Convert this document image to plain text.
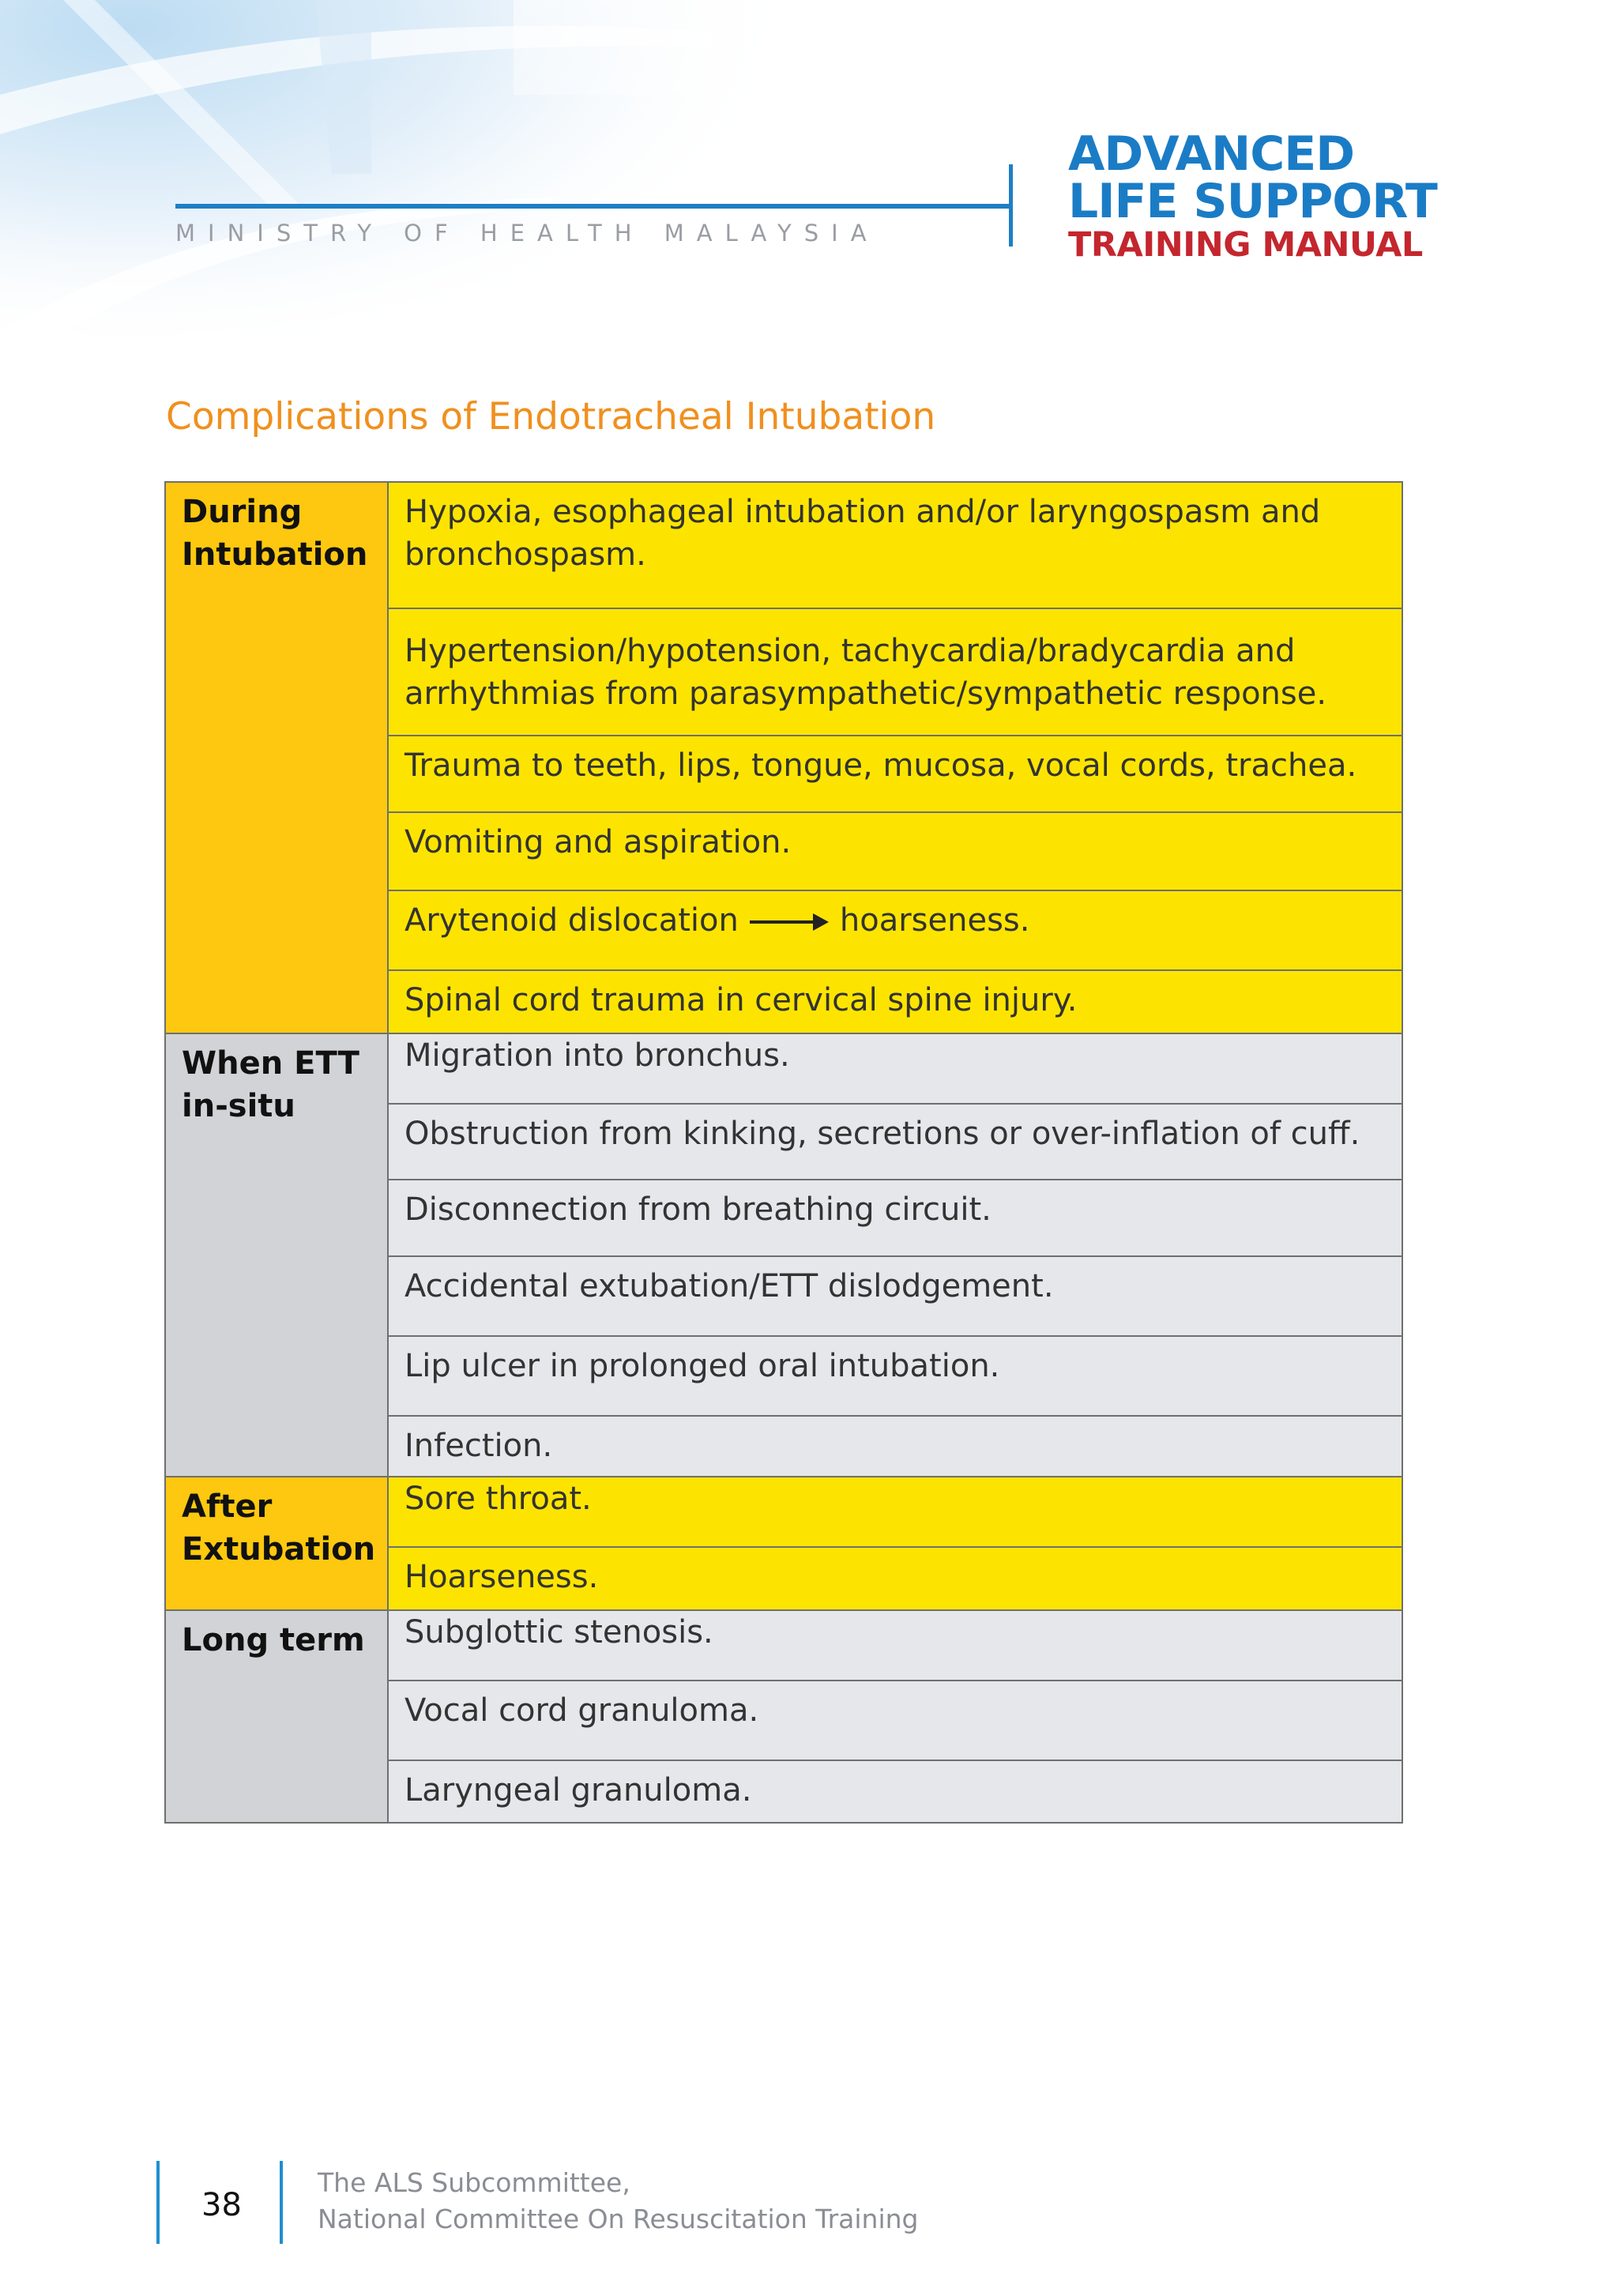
MINISTRY OF HEALTH MALAYSIA
ADVANCED
LIFE SUPPORT
TRAINING MANUAL
Complications of Endotracheal Intubation
During
Intubation	Hypoxia, esophageal intubation and/or laryngospasm and
bronchospasm.

	Hypertension/hypotension, tachycardia/bradycardia and
arrhythmias from parasympathetic/sympathetic response.

	Trauma to teeth, lips, tongue, mucosa, vocal cords, trachea.

	Vomiting and aspiration.

	Arytenoid dislocation hoarseness.

	Spinal cord trauma in cervical spine injury.

When ETT
in-situ	Migration into bronchus.

	Obstruction from kinking, secretions or over-inflation of cuff.

	Disconnection from breathing circuit.

	Accidental extubation/ETT dislodgement.

	Lip ulcer in prolonged oral intubation.

	Infection.

After
Extubation	Sore throat.

	Hoarseness.

Long term	Subglottic stenosis.

	Vocal cord granuloma.

	Laryngeal granuloma.
38
The ALS Subcommittee,
National Committee On Resuscitation Training
